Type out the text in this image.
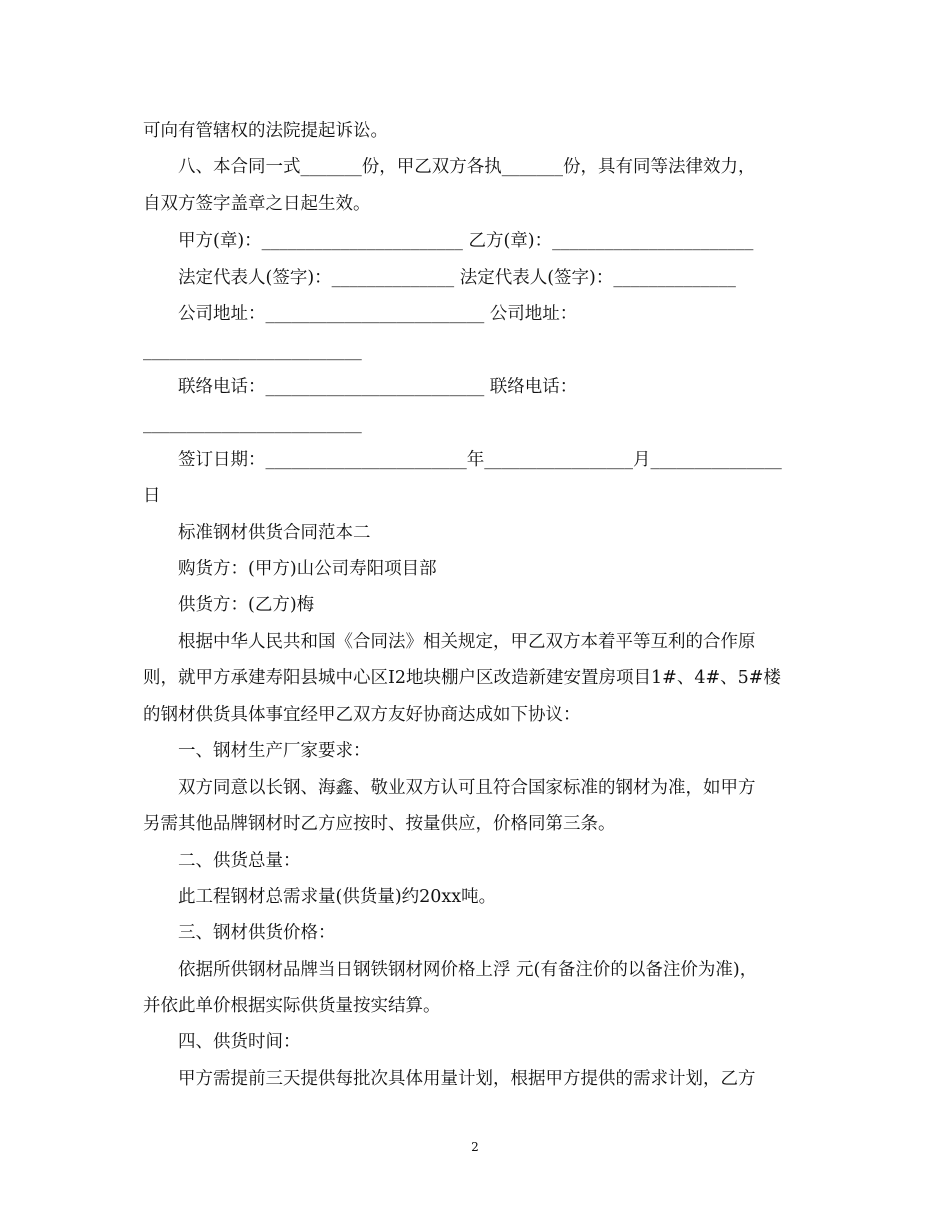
可向有管辖权的法院提起诉讼。
八、本合同一式_______份，甲乙双方各执_______份，具有同等法律效力，
自双方签字盖章之日起生效。
甲方(章)：_______________________ 乙方(章)：_______________________
法定代表人(签字)：______________ 法定代表人(签字)：______________
公司地址：_________________________ 公司地址：
_________________________
联络电话：_________________________ 联络电话：
_________________________
签订日期：_______________________年_________________月_______________
日
标准钢材供货合同范本二
购货方：(甲方)山公司寿阳项目部
供货方：(乙方)梅
根据中华人民共和国《合同法》相关规定，甲乙双方本着平等互利的合作原
则，就甲方承建寿阳县城中心区I2地块棚户区改造新建安置房项目1#、4#、5#楼
的钢材供货具体事宜经甲乙双方友好协商达成如下协议：
一、钢材生产厂家要求：
双方同意以长钢、海鑫、敬业双方认可且符合国家标准的钢材为准，如甲方
另需其他品牌钢材时乙方应按时、按量供应，价格同第三条。
二、供货总量：
此工程钢材总需求量(供货量)约20xx吨。
三、钢材供货价格：
依据所供钢材品牌当日钢铁钢材网价格上浮 元(有备注价的以备注价为准)，
并依此单价根据实际供货量按实结算。
四、供货时间：
甲方需提前三天提供每批次具体用量计划，根据甲方提供的需求计划，乙方
2
